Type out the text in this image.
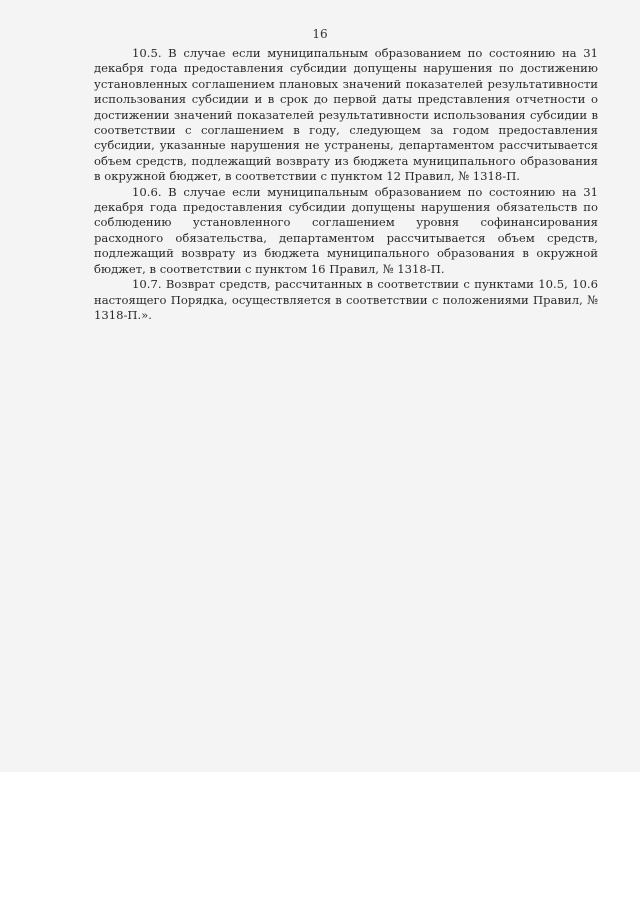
16

10.5. В случае если муниципальным образованием по состоянию на 31 декабря года предоставления субсидии допущены нарушения по достижению установленных соглашением плановых значений показателей результативности использования субсидии и в срок до первой даты представления отчетности о достижении значений показателей результативности использования субсидии в соответствии с соглашением в году, следующем за годом предоставления субсидии, указанные нарушения не устранены, департаментом рассчитывается объем средств, подлежащий возврату из бюджета муниципального образования в окружной бюджет, в соответствии с пунктом 12 Правил, № 1318-П.

10.6. В случае если муниципальным образованием по состоянию на 31 декабря года предоставления субсидии допущены нарушения обязательств по соблюдению установленного соглашением уровня софинансирования расходного обязательства, департаментом рассчитывается объем средств, подлежащий возврату из бюджета муниципального образования в окружной бюджет, в соответствии с пунктом 16 Правил, № 1318-П.

10.7. Возврат средств, рассчитанных в соответствии с пунктами 10.5, 10.6 настоящего Порядка, осуществляется в соответствии с положениями Правил, № 1318-П.».
